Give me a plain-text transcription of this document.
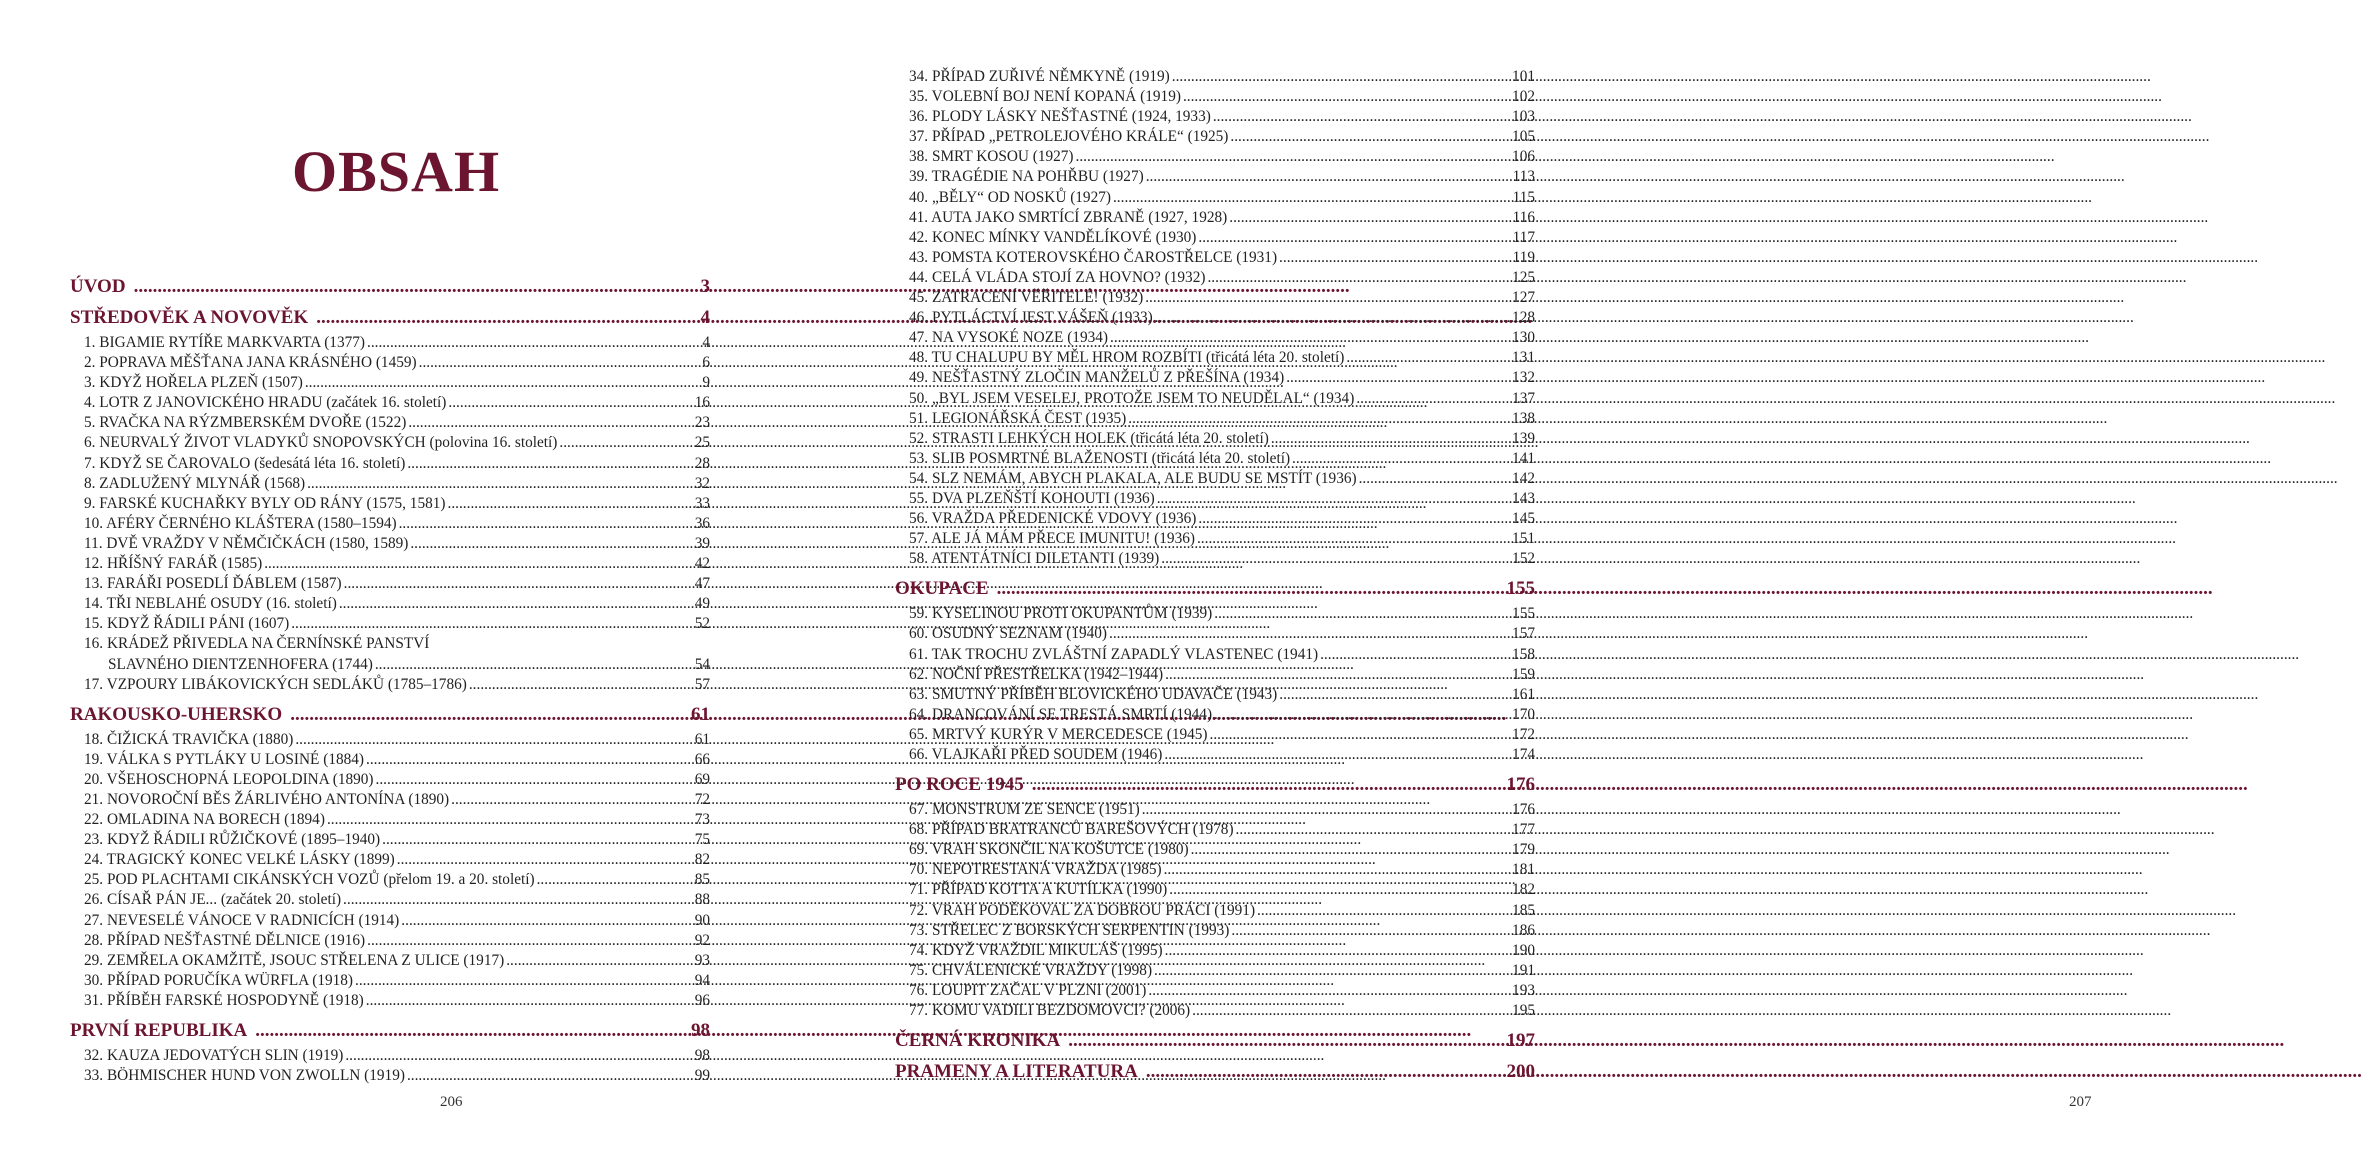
OBSAH
ÚVOD .....	3
STŘEDOVĚK A NOVOVĚK .....	4
1. BIGAMIE RYTÍŘE MARKVARTA (1377) .....	4
2. POPRAVA MĚŠŤANA JANA KRÁSNÉHO (1459) .....	6
3. KDYŽ HOŘELA PLZEŇ (1507) .....	9
4. LOTR Z JANOVICKÉHO HRADU (začátek 16. století) .....	16
5. RVAČKA NA RÝZMBERSKÉM DVOŘE (1522) .....	23
6. NEURVALÝ ŽIVOT VLADYKŮ SNOPOVSKÝCH (polovina 16. století) .....	25
7. KDYŽ SE ČAROVALO (šedesátá léta 16. století) .....	28
8. ZADLUŽENÝ MLYNÁŘ (1568) .....	32
9. FARSKÉ KUCHAŘKY BYLY OD RÁNY (1575, 1581) .....	33
10. AFÉRY ČERNÉHO KLÁŠTERA (1580–1594) .....	36
11. DVĚ VRAŽDY V NĚMČIČKÁCH (1580, 1589) .....	39
12. HŘÍŠNÝ FARÁŘ (1585) .....	42
13. FARÁŘI POSEDLÍ ĎÁBLEM (1587) .....	47
14. TŘI NEBLAHÉ OSUDY (16. století) .....	49
15. KDYŽ ŘÁDILI PÁNI (1607) .....	52
16. KRÁDEŽ PŘIVEDLA NA ČERNÍNSKÉ PANSTVÍ
SLAVNÉHO DIENTZENHOFERA (1744) .....	54
17. VZPOURY LIBÁKOVICKÝCH SEDLÁKŮ (1785–1786) .....	57
RAKOUSKO-UHERSKO .....	61
18. ČIŽICKÁ TRAVIČKA (1880) .....	61
19. VÁLKA S PYTLÁKY U LOSINÉ (1884) .....	66
20. VŠEHOSCHOPNÁ LEOPOLDINA (1890) .....	69
21. NOVOROČNÍ BĚS ŽÁRLIVÉHO ANTONÍNA (1890) .....	72
22. OMLADINA NA BORECH (1894) .....	73
23. KDYŽ ŘÁDILI RŮŽIČKOVÉ (1895–1940) .....	75
24. TRAGICKÝ KONEC VELKÉ LÁSKY (1899) .....	82
25. POD PLACHTAMI CIKÁNSKÝCH VOZŮ (přelom 19. a 20. století) .....	85
26. CÍSAŘ PÁN JE... (začátek 20. století) .....	88
27. NEVESELÉ VÁNOCE V RADNICÍCH (1914) .....	90
28. PŘÍPAD NEŠŤASTNÉ DĚLNICE (1916) .....	92
29. ZEMŘELA OKAMŽITĚ, JSOUC STŘELENA Z ULICE (1917) .....	93
30. PŘÍPAD PORUČÍKA WÜRFLA (1918) .....	94
31. PŘÍBĚH FARSKÉ HOSPODYNĚ (1918) .....	96
PRVNÍ REPUBLIKA .....	98
32. KAUZA JEDOVATÝCH SLIN (1919) .....	98
33. BÖHMISCHER HUND VON ZWOLLN (1919) .....	99
206
34. PŘÍPAD ZUŘIVÉ NĚMKYNĚ (1919) .....	101
35. VOLEBNÍ BOJ NENÍ KOPANÁ (1919) .....	102
36. PLODY LÁSKY NEŠŤASTNÉ (1924, 1933) .....	103
37. PŘÍPAD „PETROLEJOVÉHO KRÁLE“ (1925) .....	105
38. SMRT KOSOU (1927) .....	106
39. TRAGÉDIE NA POHŘBU (1927) .....	113
40. „BĚLY“ OD NOSKŮ (1927) .....	115
41. AUTA JAKO SMRTÍCÍ ZBRANĚ (1927, 1928) .....	116
42. KONEC MÍNKY VANDĚLÍKOVÉ (1930) .....	117
43. POMSTA KOTEROVSKÉHO ČAROSTŘELCE (1931) .....	119
44. CELÁ VLÁDA STOJÍ ZA HOVNO? (1932) .....	125
45. ZATRACENÍ VĚŘITELÉ! (1932) .....	127
46. PYTLÁCTVÍ JEST VÁŠEŇ (1933) .....	128
47. NA VYSOKÉ NOZE (1934) .....	130
48. TU CHALUPU BY MĚL HROM ROZBÍTI (třicátá léta 20. století) .....	131
49. NEŠŤASTNÝ ZLOČIN MANŽELŮ Z PŘEŠÍNA (1934) .....	132
50. „BYL JSEM VESELEJ, PROTOŽE JSEM TO NEUDĚLAL“ (1934) .....	137
51. LEGIONÁŘSKÁ ČEST (1935) .....	138
52. STRASTI LEHKÝCH HOLEK (třicátá léta 20. století) .....	139
53. SLIB POSMRTNÉ BLAŽENOSTI (třicátá léta 20. století) .....	141
54. SLZ NEMÁM, ABYCH PLAKALA, ALE BUDU SE MSTÍT (1936) .....	142
55. DVA PLZEŇŠTÍ KOHOUTI (1936) .....	143
56. VRAŽDA PŘEDENICKÉ VDOVY (1936) .....	145
57. ALE JÁ MÁM PŘECE IMUNITU! (1936) .....	151
58. ATENTÁTNÍCI DILETANTI (1939) .....	152
OKUPACE .....	155
59. KYSELINOU PROTI OKUPANTŮM (1939) .....	155
60. OSUDNÝ SEZNAM (1940) .....	157
61. TAK TROCHU ZVLÁŠTNÍ ZAPADLÝ VLASTENEC (1941) .....	158
62. NOČNÍ PŘESTŘELKA (1942–1944) .....	159
63. SMUTNÝ PŘÍBĚH BLOVICKÉHO UDAVAČE (1943) .....	161
64. DRANCOVÁNÍ SE TRESTÁ SMRTÍ (1944) .....	170
65. MRTVÝ KURÝR V MERCEDESCE (1945) .....	172
66. VLAJKAŘI PŘED SOUDEM (1946) .....	174
PO ROCE 1945 .....	176
67. MONSTRUM ZE SENCE (1951) .....	176
68. PŘÍPAD BRATRANCŮ BAREŠOVÝCH (1978) .....	177
69. VRAH SKONČIL NA KOŠUTCE (1980) .....	179
70. NEPOTRESTANÁ VRAŽDA (1985) .....	181
71. PŘÍPAD KOTTA A KUTÍLKA (1990) .....	182
72. VRAH PODĚKOVAL ZA DOBROU PRÁCI (1991) .....	185
73. STŘELEC Z BORSKÝCH SERPENTIN (1993) .....	186
74. KDYŽ VRAŽDIL MIKULÁŠ (1995) .....	190
75. CHVÁLENICKÉ VRAŽDY (1998) .....	191
76. LOUPIT ZAČAL V PLZNI (2001) .....	193
77. KOMU VADILI BEZDOMOVCI? (2006) .....	195
ČERNÁ KRONIKA .....	197
PRAMENY A LITERATURA .....	200
207
